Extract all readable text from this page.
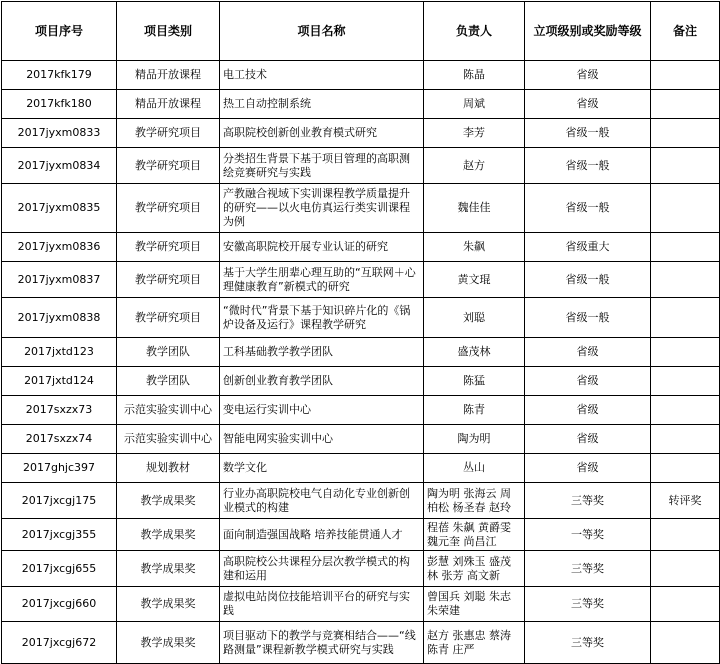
项目序号	项目类别	项目名称	负责人	立项级别或奖励等级	备注
2017kfk179	精品开放课程	电工技术	陈晶	省级	
2017kfk180	精品开放课程	热工自动控制系统	周斌	省级	
2017jyxm0833	教学研究项目	高职院校创新创业教育模式研究	李芳	省级一般	
2017jyxm0834	教学研究项目	分类招生背景下基于项目管理的高职测绘竞赛研究与实践	赵方	省级一般	
2017jyxm0835	教学研究项目	产教融合视域下实训课程教学质量提升的研究——以火电仿真运行类实训课程为例	魏佳佳	省级一般	
2017jyxm0836	教学研究项目	安徽高职院校开展专业认证的研究	朱飙	省级重大	
2017jyxm0837	教学研究项目	基于大学生朋辈心理互助的“互联网＋心理健康教育”新模式的研究	黄文琨	省级一般	
2017jyxm0838	教学研究项目	“微时代”背景下基于知识碎片化的《锅炉设备及运行》课程教学研究	刘聪	省级一般	
2017jxtd123	教学团队	工科基础教学教学团队	盛茂林	省级	
2017jxtd124	教学团队	创新创业教育教学团队	陈猛	省级	
2017sxzx73	示范实验实训中心	变电运行实训中心	陈青	省级	
2017sxzx74	示范实验实训中心	智能电网实验实训中心	陶为明	省级	
2017ghjc397	规划教材	数学文化	丛山	省级	
2017jxcgj175	教学成果奖	行业办高职院校电气自动化专业创新创业模式的构建	陶为明 张海云 周柏松 杨圣春 赵玲	三等奖	转评奖
2017jxcgj355	教学成果奖	面向制造强国战略 培养技能贯通人才	程蓓 朱飙 黄爵雯 魏元奎 尚昌江	一等奖	
2017jxcgj655	教学成果奖	高职院校公共课程分层次教学模式的构建和运用	彭慧 刘殊玉 盛茂林 张芳 高文新	三等奖	
2017jxcgj660	教学成果奖	虚拟电站岗位技能培训平台的研究与实践	曾国兵 刘聪 朱志 朱荣建	三等奖	
2017jxcgj672	教学成果奖	项目驱动下的教学与竞赛相结合——“线路测量”课程新教学模式研究与实践	赵方 张惠忠 蔡涛 陈青 庄严	三等奖	
